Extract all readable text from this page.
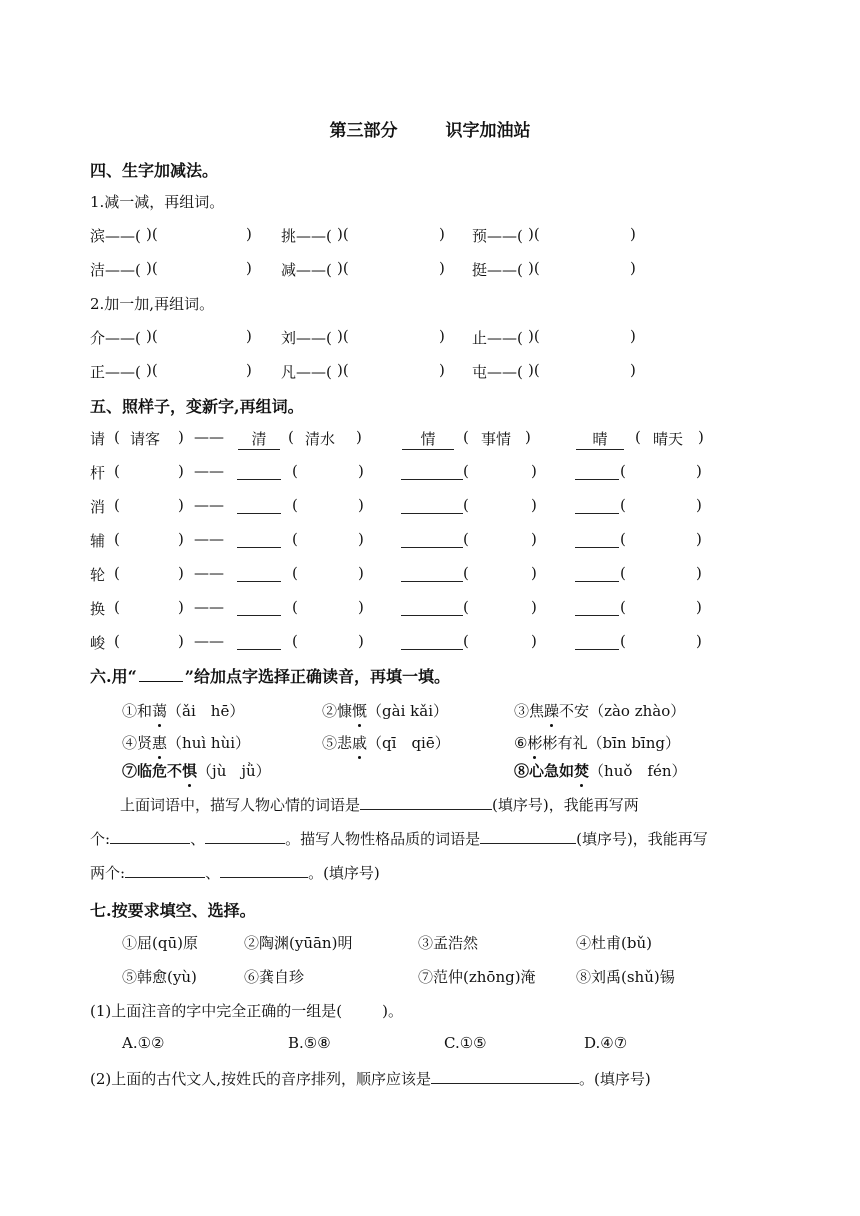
第三部分	识字加油站
四、生字加减法。
1.减一减，再组词。
滨——( )(	) 挑——( )(	) 预——( )(	)
洁——( )(	) 减——( )(	) 挺——( )(	)
介——( )(	) 刘——( )(	) 止——( )(	)
正——( )(	) 凡——( )(	) 屯——( )(	)
2.加一加,再组词。
五、照样子，变新字,再组词。
请 ( 请客 ) ——	清	( 清水 )	情	( 事情 )	晴	( 晴天 )
杆 (	) ——	(	)	(	)	(	)
消 (	) ——	(	)	(	)	(	)
辅 (	) ——	(	)	(	)	(	)
轮 (	) ——	(	)	(	)	(	)
换 (	) ——	(	)	(	)	(	)
峻 (	) ——	(	)	(	)	(	)
六.用“	”给加点字选择正确读音，再填一填。
①和蔼（ǎi　hē）	②慷慨（gài kǎi）	③焦躁不安（zào zhào）
④贤惠（huì hùi）	⑤悲戚（qī　qiē）	⑥彬彬有礼（bīn bīng）
⑦临危不惧（jù　jǜ）	⑧心急如焚（huǒ　fén）
上面词语中，描写人物心情的词语是	(填序号)，我能再写两
个:	、	。描写人物性格品质的词语是	(填序号)，我能再写
两个:	、	。(填序号)
七.按要求填空、选择。
①屈(qū)原	②陶渊(yūān)明	③孟浩然	④杜甫(bǔ)
⑤韩愈(yù)	⑥龚自珍	⑦范仲(zhōng)淹	⑧刘禹(shǔ)锡
(1)上面注音的字中完全正确的一组是(	)。
A.①②	B.⑤⑧	C.①⑤	D.④⑦
(2)上面的古代文人,按姓氏的音序排列，顺序应该是	。(填序号)
